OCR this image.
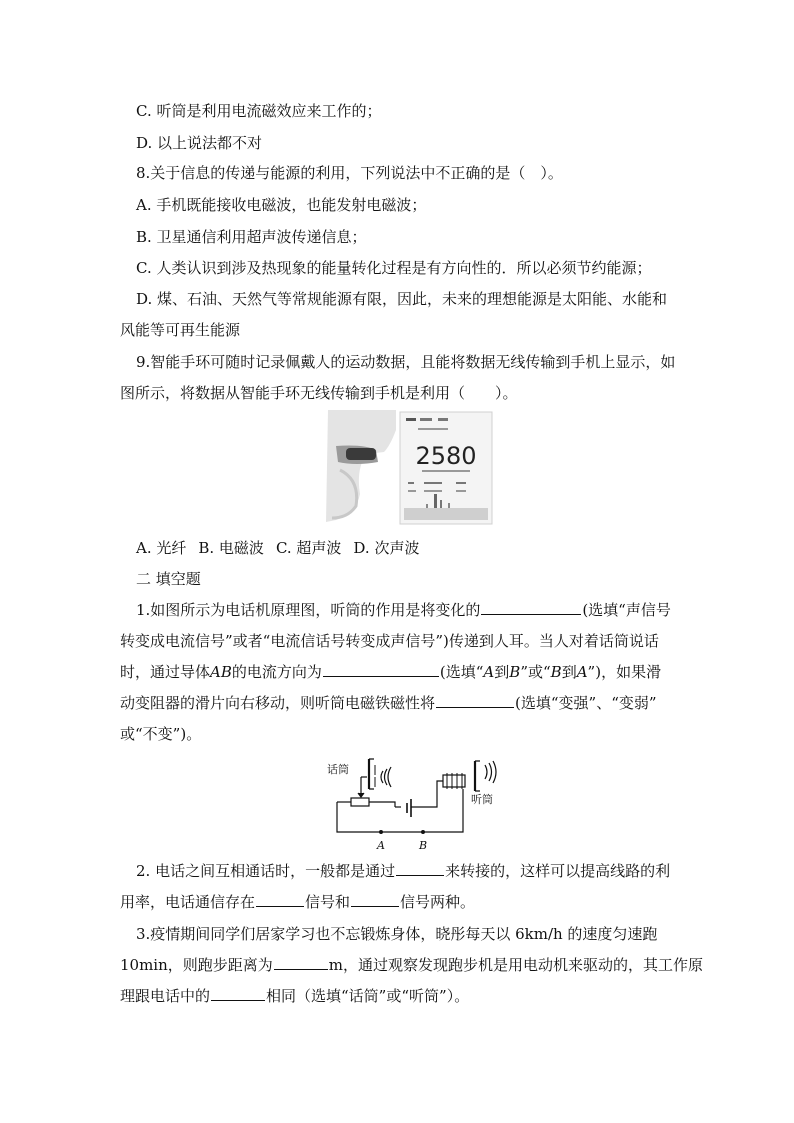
C. 听筒是利用电流磁效应来工作的；
D. 以上说法都不对
8.关于信息的传递与能源的利用，下列说法中不正确的是（　）。
A. 手机既能接收电磁波，也能发射电磁波；
B. 卫星通信利用超声波传递信息；
C. 人类认识到涉及热现象的能量转化过程是有方向性的．所以必须节约能源；
D. 煤、石油、天然气等常规能源有限，因此，未来的理想能源是太阳能、水能和
风能等可再生能源
9.智能手环可随时记录佩戴人的运动数据，且能将数据无线传输到手机上显示，如
图所示，将数据从智能手环无线传输到手机是利用（　　）。
2580
A. 光纤 B. 电磁波 C. 超声波 D. 次声波
二 填空题
1.如图所示为电话机原理图，听筒的作用是将变化的	(选填“声信号
转变成电流信号”或者“电流信话号转变成声信号”)传递到人耳。当人对着话筒说话
时，通过导体AB的电流方向为	(选填“A到B”或“B到A”)，如果滑
动变阻器的滑片向右移动，则听筒电磁铁磁性将	(选填“变强”、“变弱”
或“不变”)。
话筒
听筒
A	B
2. 电话之间互相通话时，一般都是通过	来转接的，这样可以提高线路的利
用率，电话通信存在	信号和	信号两种。
3.疫情期间同学们居家学习也不忘锻炼身体，晓彤每天以 6km/h 的速度匀速跑
10min，则跑步距离为	m，通过观察发现跑步机是用电动机来驱动的，其工作原
理跟电话中的	相同（选填“话筒”或“听筒”）。
